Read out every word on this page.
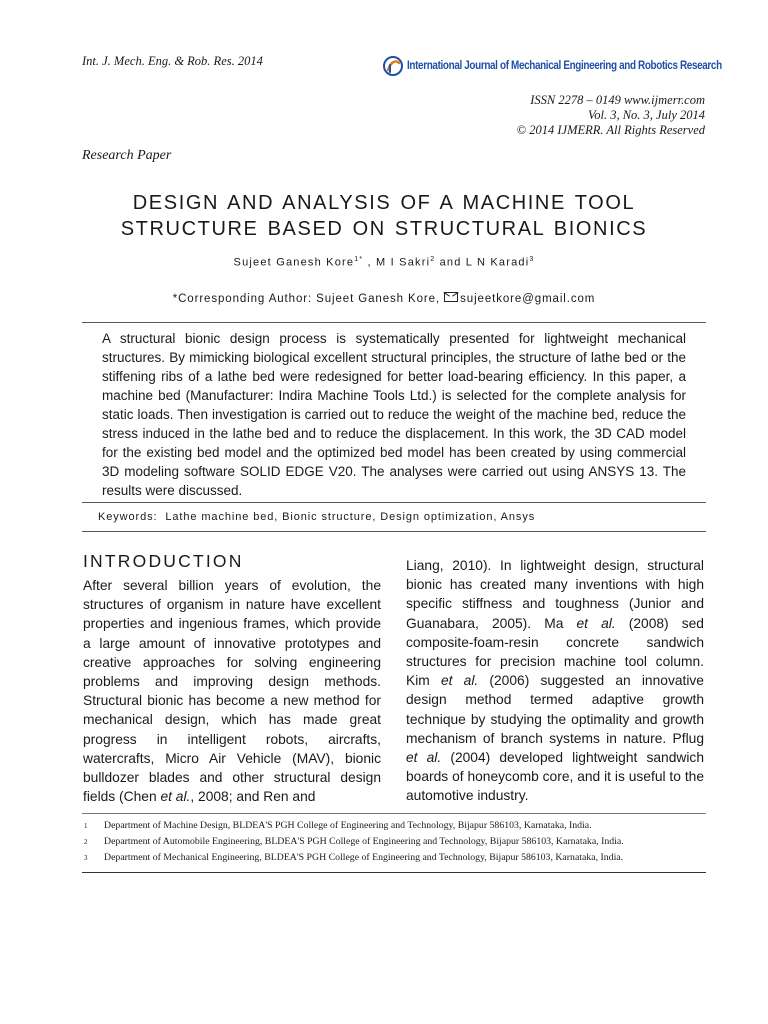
Int. J. Mech. Eng. & Rob. Res. 2014	International Journal of Mechanical Engineering and Robotics Research
ISSN 2278 – 0149 www.ijmerr.com
Vol. 3, No. 3, July 2014
© 2014 IJMERR. All Rights Reserved
Research Paper
DESIGN AND ANALYSIS OF A MACHINE TOOL
STRUCTURE BASED ON STRUCTURAL BIONICS
Sujeet Ganesh Kore$^{1*}$ , M I Sakri$^2$ and L N Karadi$^3$
*Corresponding Author: Sujeet Ganesh Kore, sujeetkore@gmail.com
A structural bionic design process is systematically presented for lightweight mechanical structures. By mimicking biological excellent structural principles, the structure of lathe bed or the stiffening ribs of a lathe bed were redesigned for better load-bearing efficiency. In this paper, a machine bed (Manufacturer: Indira Machine Tools Ltd.) is selected for the complete analysis for static loads. Then investigation is carried out to reduce the weight of the machine bed, reduce the stress induced in the lathe bed and to reduce the displacement. In this work, the 3D CAD model for the existing bed model and the optimized bed model has been created by using commercial 3D modeling software SOLID EDGE V20. The analyses were carried out using ANSYS 13. The results were discussed.
Keywords: Lathe machine bed, Bionic structure, Design optimization, Ansys
INTRODUCTION

After several billion years of evolution, the structures of organism in nature have excellent properties and ingenious frames, which provide a large amount of innovative prototypes and creative approaches for solving engineering problems and improving design methods. Structural bionic has become a new method for mechanical design, which has made great progress in intelligent robots, aircrafts, watercrafts, Micro Air Vehicle (MAV), bionic bulldozer blades and other structural design fields (Chen et al., 2008; and Ren and

Liang, 2010). In lightweight design, structural bionic has created many inventions with high specific stiffness and toughness (Junior and Guanabara, 2005). Ma et al. (2008) sed composite-foam-resin concrete sandwich structures for precision machine tool column. Kim et al. (2006) suggested an innovative design method termed adaptive growth technique by studying the optimality and growth mechanism of branch systems in nature. Pflug et al. (2004) developed lightweight sandwich boards of honeycomb core, and it is useful to the automotive industry.

1	Department of Machine Design, BLDEA'S PGH College of Engineering and Technology, Bijapur 586103, Karnataka, India.
2	Department of Automobile Engineering, BLDEA'S PGH College of Engineering and Technology, Bijapur 586103, Karnataka, India.
3	Department of Mechanical Engineering, BLDEA'S PGH College of Engineering and Technology, Bijapur 586103, Karnataka, India.
